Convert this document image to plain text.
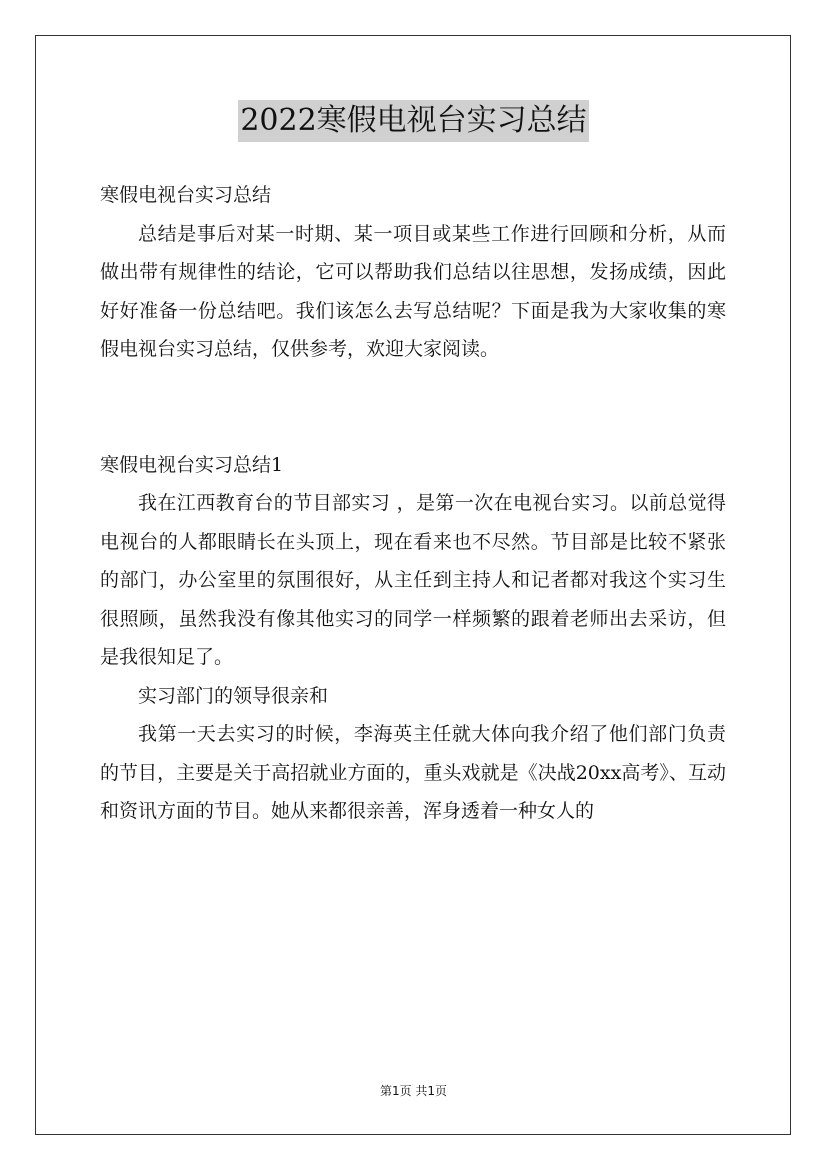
2022寒假电视台实习总结

寒假电视台实习总结

总结是事后对某一时期、某一项目或某些工作进行回顾和分析，从而做出带有规律性的结论，它可以帮助我们总结以往思想，发扬成绩，因此好好准备一份总结吧。我们该怎么去写总结呢？下面是我为大家收集的寒假电视台实习总结，仅供参考，欢迎大家阅读。

寒假电视台实习总结1

我在江西教育台的节目部实习 ，是第一次在电视台实习。以前总觉得电视台的人都眼睛长在头顶上，现在看来也不尽然。节目部是比较不紧张的部门，办公室里的氛围很好，从主任到主持人和记者都对我这个实习生很照顾，虽然我没有像其他实习的同学一样频繁的跟着老师出去采访，但是我很知足了。

实习部门的领导很亲和

我第一天去实习的时候，李海英主任就大体向我介绍了他们部门负责的节目，主要是关于高招就业方面的，重头戏就是《决战20xx高考》、互动和资讯方面的节目。她从来都很亲善，浑身透着一种女人的

第1页 共1页
